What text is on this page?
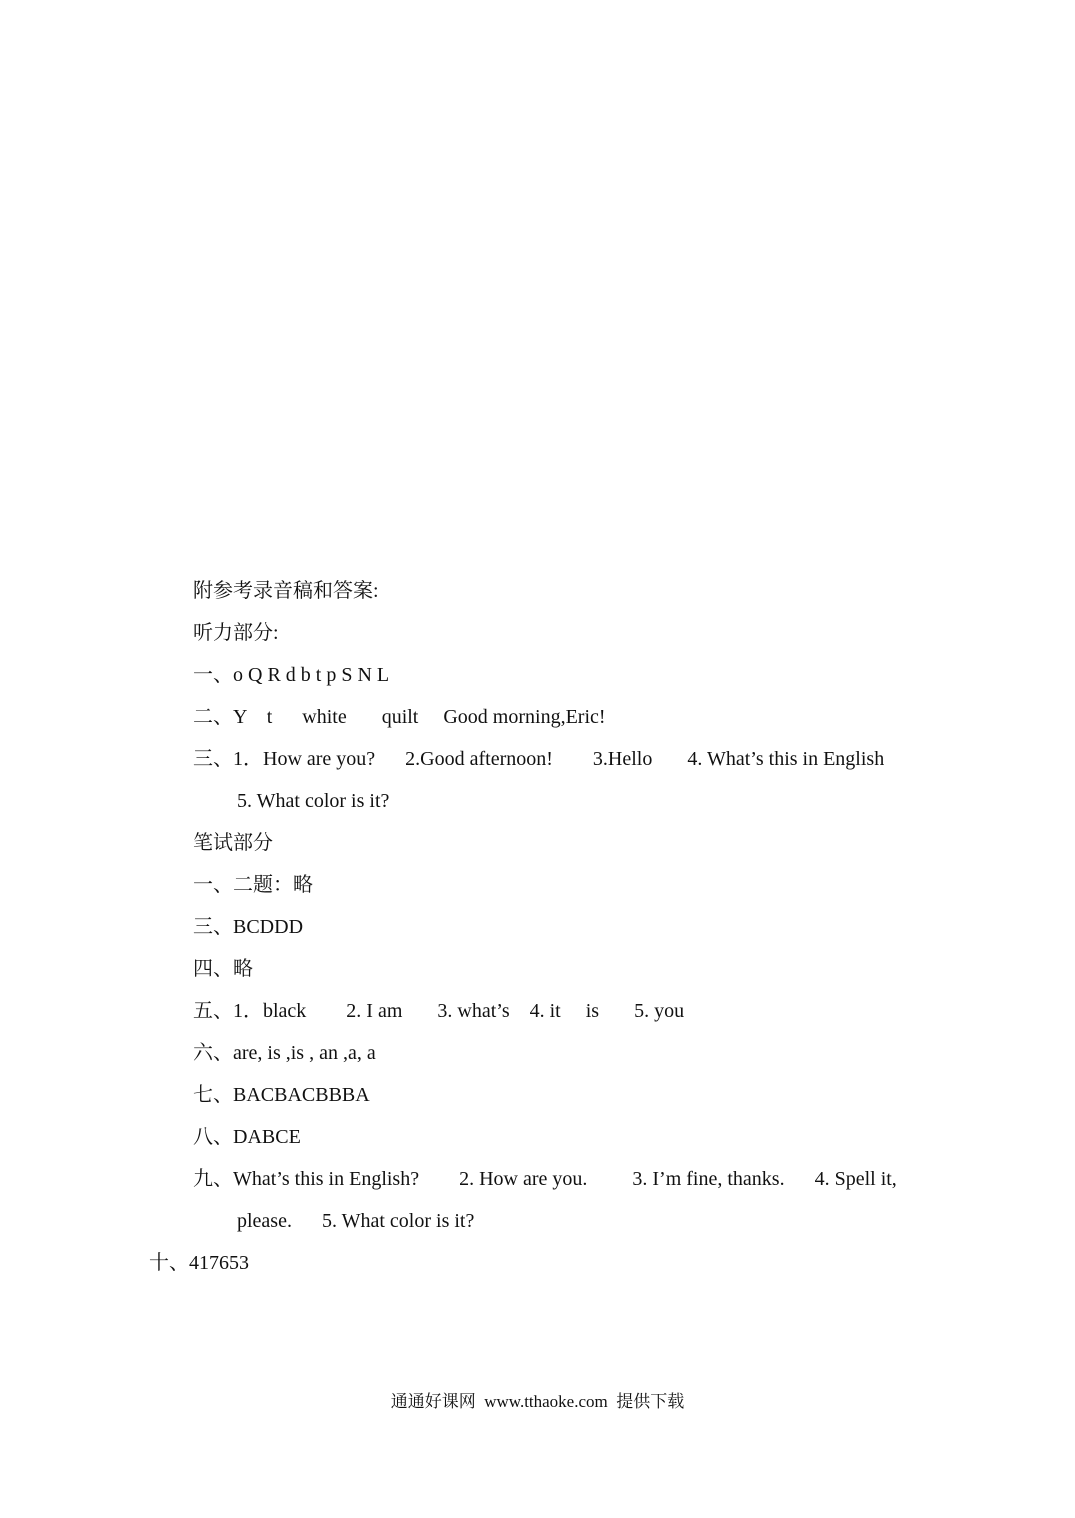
附参考录音稿和答案:
听力部分:
一、o Q R d b t p S N L
二、Y    t      white       quilt     Good morning,Eric!
三、1．How are you?      2.Good afternoon!        3.Hello       4. What’s this in English
5. What color is it?
笔试部分
一、二题：略
三、BCDDD
四、略
五、1．black        2. I am       3. what’s    4. it     is       5. you
六、are, is ,is , an ,a, a
七、BACBACBBBA
八、DABCE
九、What’s this in English?        2. How are you.         3. I’m fine, thanks.      4. Spell it,
please.      5. What color is it?
十、417653
通通好课网  www.tthaoke.com  提供下载
